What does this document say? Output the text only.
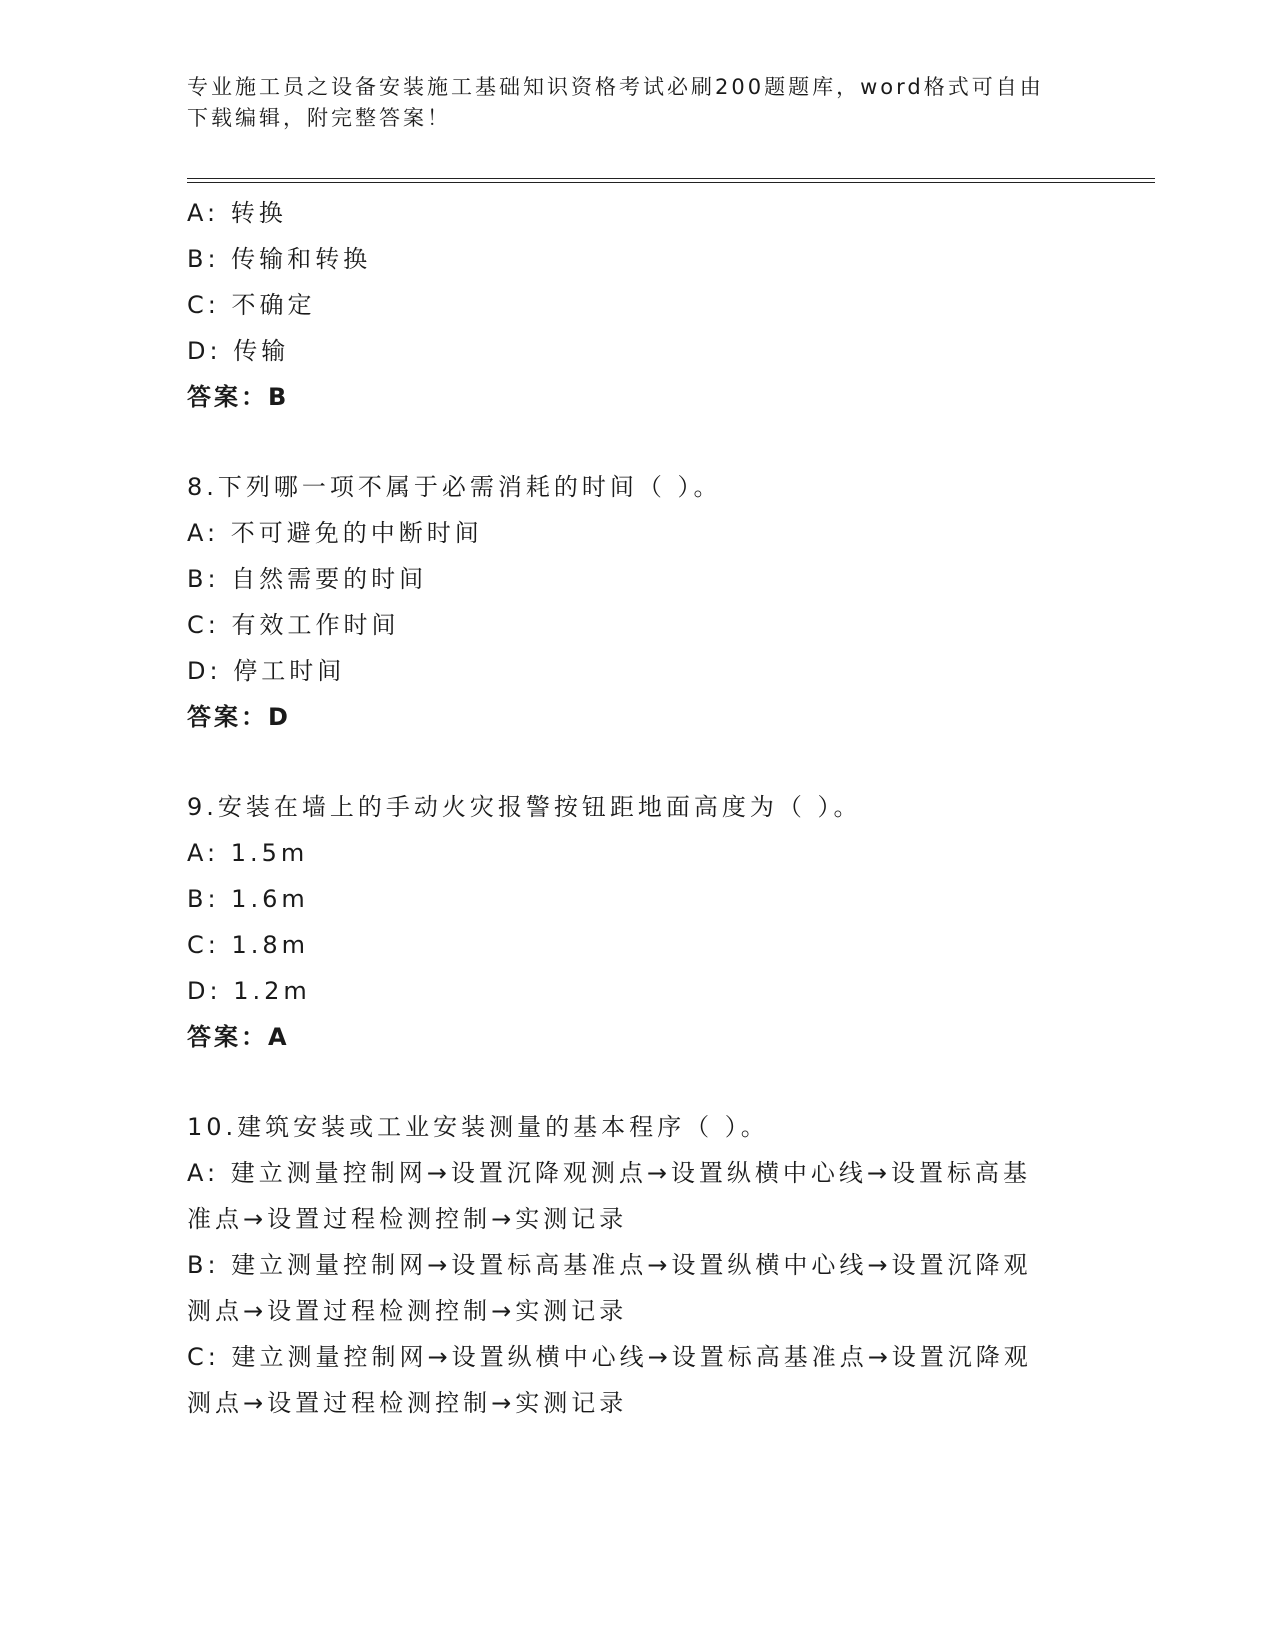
专业施工员之设备安装施工基础知识资格考试必刷200题题库，word格式可自由
下载编辑，附完整答案！
A: 转换
B: 传输和转换
C: 不确定
D: 传输
答案：B
8.下列哪一项不属于必需消耗的时间（ ）。
A: 不可避免的中断时间
B: 自然需要的时间
C: 有效工作时间
D: 停工时间
答案：D
9.安装在墙上的手动火灾报警按钮距地面高度为（ ）。
A: 1.5m
B: 1.6m
C: 1.8m
D: 1.2m
答案：A
10.建筑安装或工业安装测量的基本程序（ ）。
A: 建立测量控制网→设置沉降观测点→设置纵横中心线→设置标高基
准点→设置过程检测控制→实测记录
B: 建立测量控制网→设置标高基准点→设置纵横中心线→设置沉降观
测点→设置过程检测控制→实测记录
C: 建立测量控制网→设置纵横中心线→设置标高基准点→设置沉降观
测点→设置过程检测控制→实测记录
